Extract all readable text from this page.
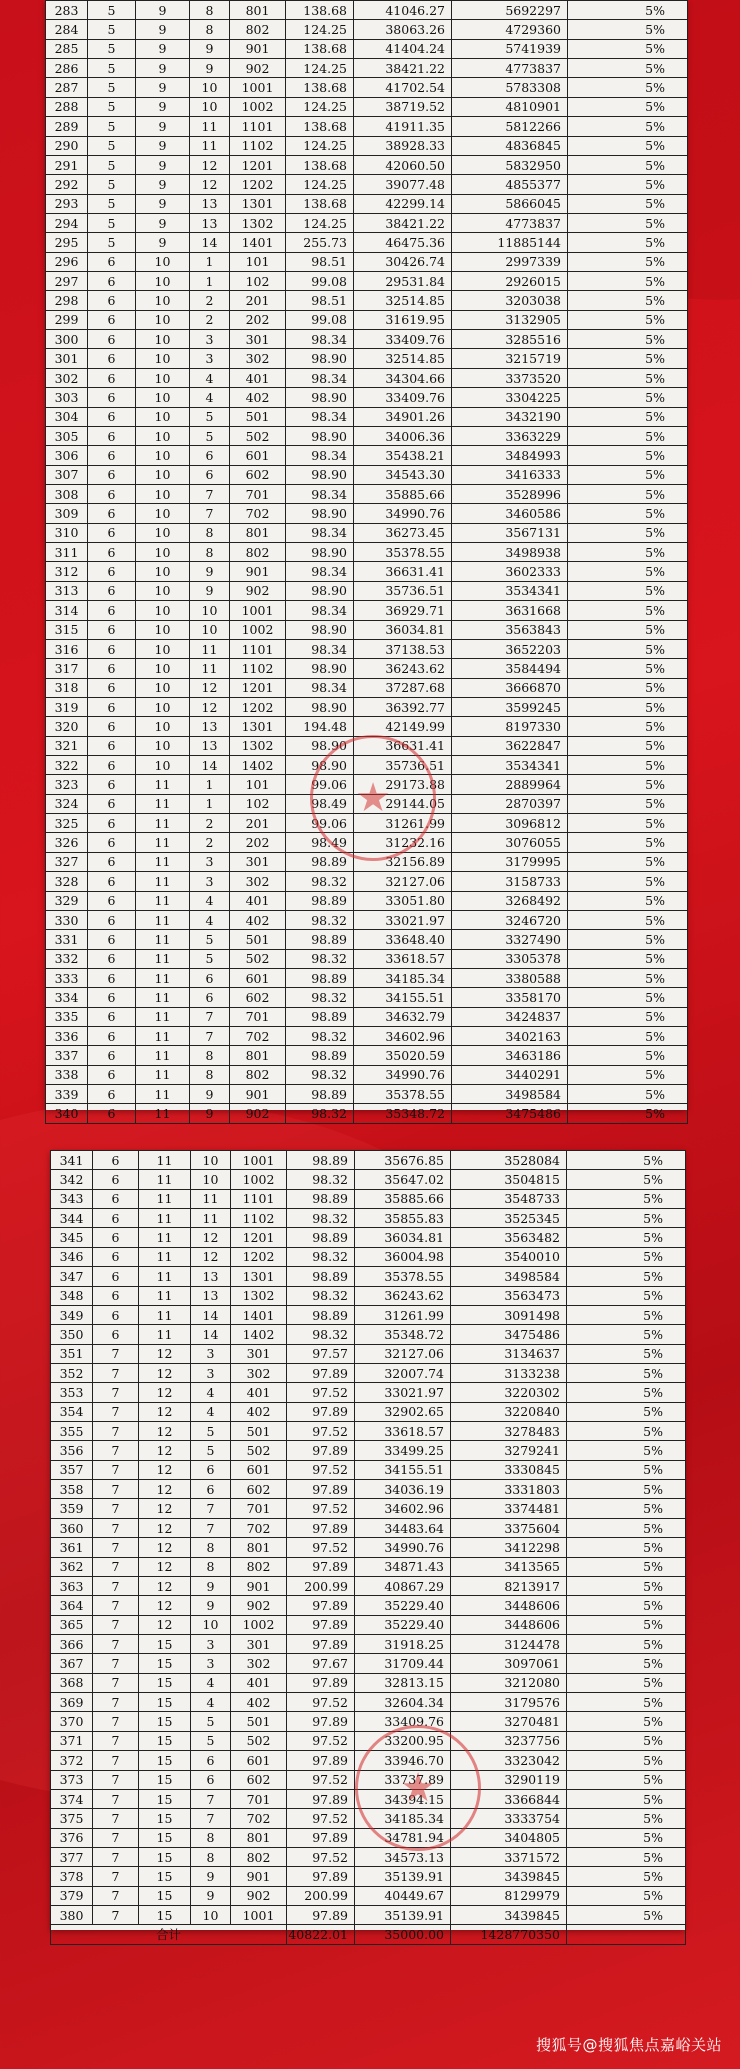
283	5	9	8	801	138.68	41046.27	5692297	5%
284	5	9	8	802	124.25	38063.26	4729360	5%
285	5	9	9	901	138.68	41404.24	5741939	5%
286	5	9	9	902	124.25	38421.22	4773837	5%
287	5	9	10	1001	138.68	41702.54	5783308	5%
288	5	9	10	1002	124.25	38719.52	4810901	5%
289	5	9	11	1101	138.68	41911.35	5812266	5%
290	5	9	11	1102	124.25	38928.33	4836845	5%
291	5	9	12	1201	138.68	42060.50	5832950	5%
292	5	9	12	1202	124.25	39077.48	4855377	5%
293	5	9	13	1301	138.68	42299.14	5866045	5%
294	5	9	13	1302	124.25	38421.22	4773837	5%
295	5	9	14	1401	255.73	46475.36	11885144	5%
296	6	10	1	101	98.51	30426.74	2997339	5%
297	6	10	1	102	99.08	29531.84	2926015	5%
298	6	10	2	201	98.51	32514.85	3203038	5%
299	6	10	2	202	99.08	31619.95	3132905	5%
300	6	10	3	301	98.34	33409.76	3285516	5%
301	6	10	3	302	98.90	32514.85	3215719	5%
302	6	10	4	401	98.34	34304.66	3373520	5%
303	6	10	4	402	98.90	33409.76	3304225	5%
304	6	10	5	501	98.34	34901.26	3432190	5%
305	6	10	5	502	98.90	34006.36	3363229	5%
306	6	10	6	601	98.34	35438.21	3484993	5%
307	6	10	6	602	98.90	34543.30	3416333	5%
308	6	10	7	701	98.34	35885.66	3528996	5%
309	6	10	7	702	98.90	34990.76	3460586	5%
310	6	10	8	801	98.34	36273.45	3567131	5%
311	6	10	8	802	98.90	35378.55	3498938	5%
312	6	10	9	901	98.34	36631.41	3602333	5%
313	6	10	9	902	98.90	35736.51	3534341	5%
314	6	10	10	1001	98.34	36929.71	3631668	5%
315	6	10	10	1002	98.90	36034.81	3563843	5%
316	6	10	11	1101	98.34	37138.53	3652203	5%
317	6	10	11	1102	98.90	36243.62	3584494	5%
318	6	10	12	1201	98.34	37287.68	3666870	5%
319	6	10	12	1202	98.90	36392.77	3599245	5%
320	6	10	13	1301	194.48	42149.99	8197330	5%
321	6	10	13	1302	98.90	36631.41	3622847	5%
322	6	10	14	1402	98.90	35736.51	3534341	5%
323	6	11	1	101	99.06	29173.88	2889964	5%
324	6	11	1	102	98.49	29144.05	2870397	5%
325	6	11	2	201	99.06	31261.99	3096812	5%
326	6	11	2	202	98.49	31232.16	3076055	5%
327	6	11	3	301	98.89	32156.89	3179995	5%
328	6	11	3	302	98.32	32127.06	3158733	5%
329	6	11	4	401	98.89	33051.80	3268492	5%
330	6	11	4	402	98.32	33021.97	3246720	5%
331	6	11	5	501	98.89	33648.40	3327490	5%
332	6	11	5	502	98.32	33618.57	3305378	5%
333	6	11	6	601	98.89	34185.34	3380588	5%
334	6	11	6	602	98.32	34155.51	3358170	5%
335	6	11	7	701	98.89	34632.79	3424837	5%
336	6	11	7	702	98.32	34602.96	3402163	5%
337	6	11	8	801	98.89	35020.59	3463186	5%
338	6	11	8	802	98.32	34990.76	3440291	5%
339	6	11	9	901	98.89	35378.55	3498584	5%
340	6	11	9	902	98.32	35348.72	3475486	5%
★
341	6	11	10	1001	98.89	35676.85	3528084	5%
342	6	11	10	1002	98.32	35647.02	3504815	5%
343	6	11	11	1101	98.89	35885.66	3548733	5%
344	6	11	11	1102	98.32	35855.83	3525345	5%
345	6	11	12	1201	98.89	36034.81	3563482	5%
346	6	11	12	1202	98.32	36004.98	3540010	5%
347	6	11	13	1301	98.89	35378.55	3498584	5%
348	6	11	13	1302	98.32	36243.62	3563473	5%
349	6	11	14	1401	98.89	31261.99	3091498	5%
350	6	11	14	1402	98.32	35348.72	3475486	5%
351	7	12	3	301	97.57	32127.06	3134637	5%
352	7	12	3	302	97.89	32007.74	3133238	5%
353	7	12	4	401	97.52	33021.97	3220302	5%
354	7	12	4	402	97.89	32902.65	3220840	5%
355	7	12	5	501	97.52	33618.57	3278483	5%
356	7	12	5	502	97.89	33499.25	3279241	5%
357	7	12	6	601	97.52	34155.51	3330845	5%
358	7	12	6	602	97.89	34036.19	3331803	5%
359	7	12	7	701	97.52	34602.96	3374481	5%
360	7	12	7	702	97.89	34483.64	3375604	5%
361	7	12	8	801	97.52	34990.76	3412298	5%
362	7	12	8	802	97.89	34871.43	3413565	5%
363	7	12	9	901	200.99	40867.29	8213917	5%
364	7	12	9	902	97.89	35229.40	3448606	5%
365	7	12	10	1002	97.89	35229.40	3448606	5%
366	7	15	3	301	97.89	31918.25	3124478	5%
367	7	15	3	302	97.67	31709.44	3097061	5%
368	7	15	4	401	97.89	32813.15	3212080	5%
369	7	15	4	402	97.52	32604.34	3179576	5%
370	7	15	5	501	97.89	33409.76	3270481	5%
371	7	15	5	502	97.52	33200.95	3237756	5%
372	7	15	6	601	97.89	33946.70	3323042	5%
373	7	15	6	602	97.52	33737.89	3290119	5%
374	7	15	7	701	97.89	34394.15	3366844	5%
375	7	15	7	702	97.52	34185.34	3333754	5%
376	7	15	8	801	97.89	34781.94	3404805	5%
377	7	15	8	802	97.52	34573.13	3371572	5%
378	7	15	9	901	97.89	35139.91	3439845	5%
379	7	15	9	902	200.99	40449.67	8129979	5%
380	7	15	10	1001	97.89	35139.91	3439845	5%
合计					40822.01	35000.00	1428770350	
★
搜狐号@搜狐焦点嘉峪关站
